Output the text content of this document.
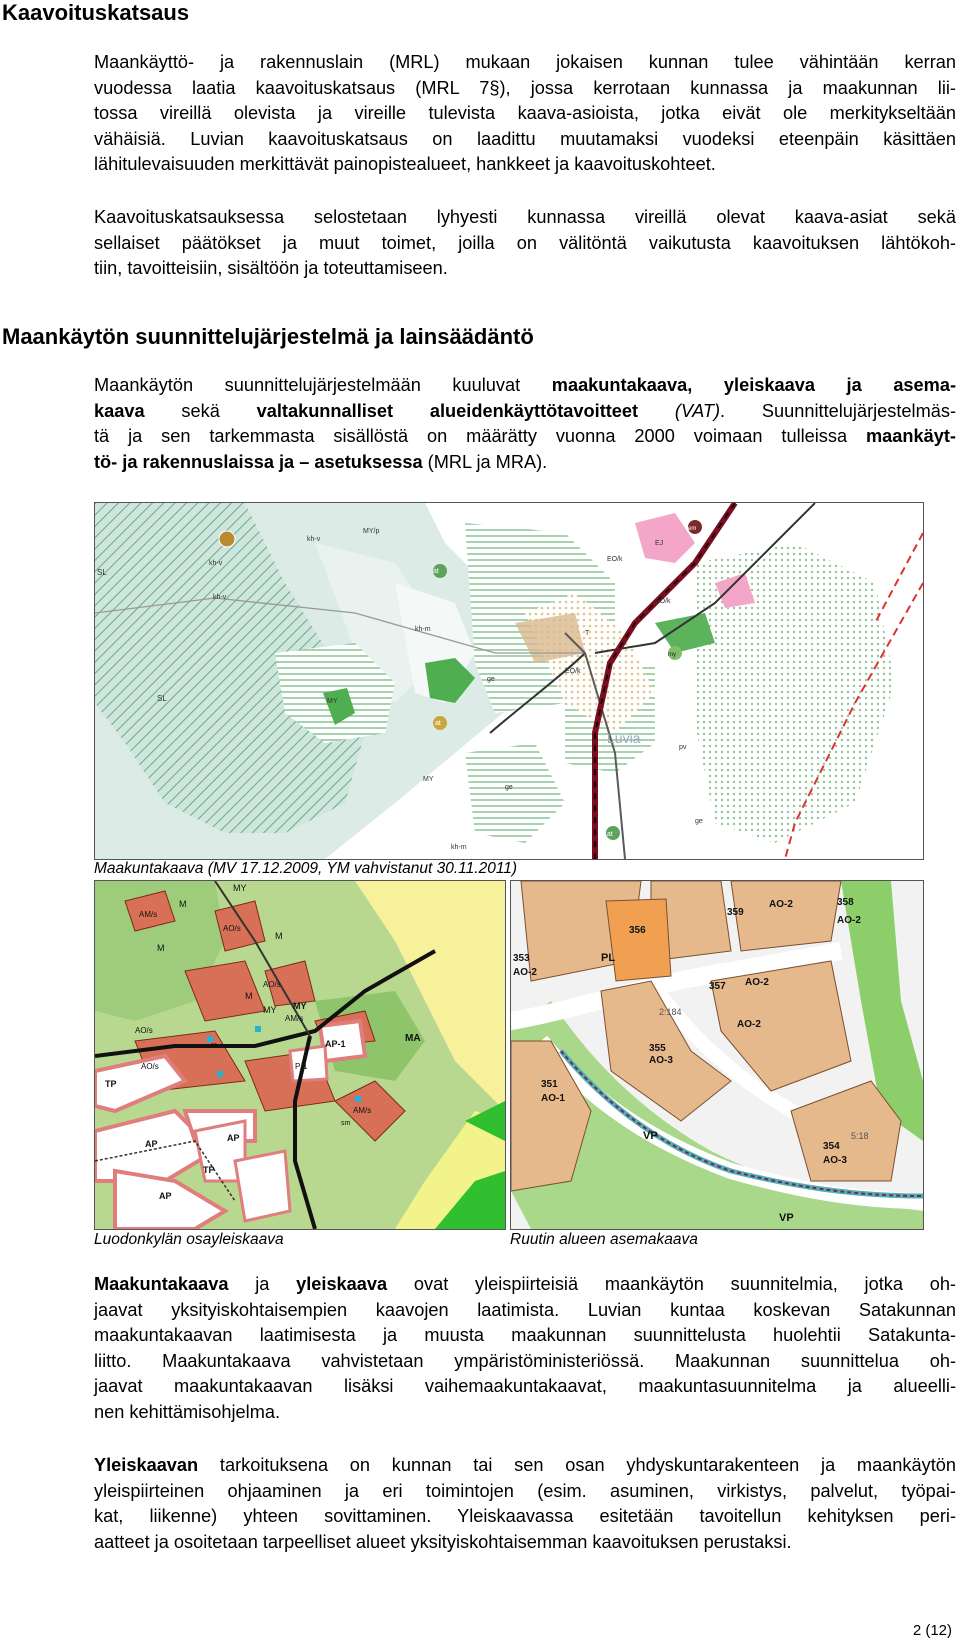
Kaavoituskatsaus
Maankäyttö- ja rakennuslain (MRL) mukaan jokaisen kunnan tulee vähintään kerran
vuodessa laatia kaavoituskatsaus (MRL 7§), jossa kerrotaan kunnassa ja maakunnan lii-
tossa vireillä olevista ja vireille tulevista kaava-asioista, jotka eivät ole merkitykseltään
vähäisiä. Luvian kaavoituskatsaus on laadittu muutamaksi vuodeksi eteenpäin käsittäen
lähitulevaisuuden merkittävät painopistealueet, hankkeet ja kaavoituskohteet.
Kaavoituskatsauksessa selostetaan lyhyesti kunnassa vireillä olevat kaava-asiat sekä
sellaiset päätökset ja muut toimet, joilla on välitöntä vaikutusta kaavoituksen lähtökoh-
tiin, tavoitteisiin, sisältöön ja toteuttamiseen.
Maankäytön suunnittelujärjestelmä ja lainsäädäntö
Maankäytön suunnittelujärjestelmään kuuluvat maakuntakaava, yleiskaava ja asema-
kaava sekä valtakunnalliset alueidenkäyttötavoitteet (VAT). Suunnittelujärjestelmäs-
tä ja sen tarkemmasta sisällöstä on määrätty vuonna 2000 voimaan tulleissa maankäyt-
tö- ja rakennuslaissa ja – asetuksessa (MRL ja MRA).
SL
SL
kh-v
kh-v
kh-v
kh-m
kh-m
MY/p
MY
MY
ge
EO/k
EO/k
EO/k
EJ
em
my
at
at
at
T
Luvia
pv
ge
ge
Maakuntakaava (MV 17.12.2009, YM vahvistanut 30.11.2011)
MY
M
M
M
M
AM/s
AO/s
AO/s
AO/s
AM/s
AM/s
MY MY
AO/s
AP-1	MA
P-1
TP
AP
AP
AP
TP
sr
sm
Luodonkylän osayleiskaava
356
359
358
AO-2
AO-2
PL
353
AO-2
357 AO-2
AO-2
355
AO-3
351
AO-1
VP
354
AO-3
VP
5:18
2:184
Ruutin alueen asemakaava
Maakuntakaava ja yleiskaava ovat yleispiirteisiä maankäytön suunnitelmia, jotka oh-
jaavat yksityiskohtaisempien kaavojen laatimista. Luvian kuntaa koskevan Satakunnan
maakuntakaavan laatimisesta ja muusta maakunnan suunnittelusta huolehtii Satakunta-
liitto. Maakuntakaava vahvistetaan ympäristöministeriössä. Maakunnan suunnittelua oh-
jaavat maakuntakaavan lisäksi vaihemaakuntakaavat, maakuntasuunnitelma ja alueelli-
nen kehittämisohjelma.
Yleiskaavan tarkoituksena on kunnan tai sen osan yhdyskuntarakenteen ja maankäytön
yleispiirteinen ohjaaminen ja eri toimintojen (esim. asuminen, virkistys, palvelut, työpai-
kat, liikenne) yhteen sovittaminen. Yleiskaavassa esitetään tavoitellun kehityksen peri-
aatteet ja osoitetaan tarpeelliset alueet yksityiskohtaisemman kaavoituksen perustaksi.
2 (12)
